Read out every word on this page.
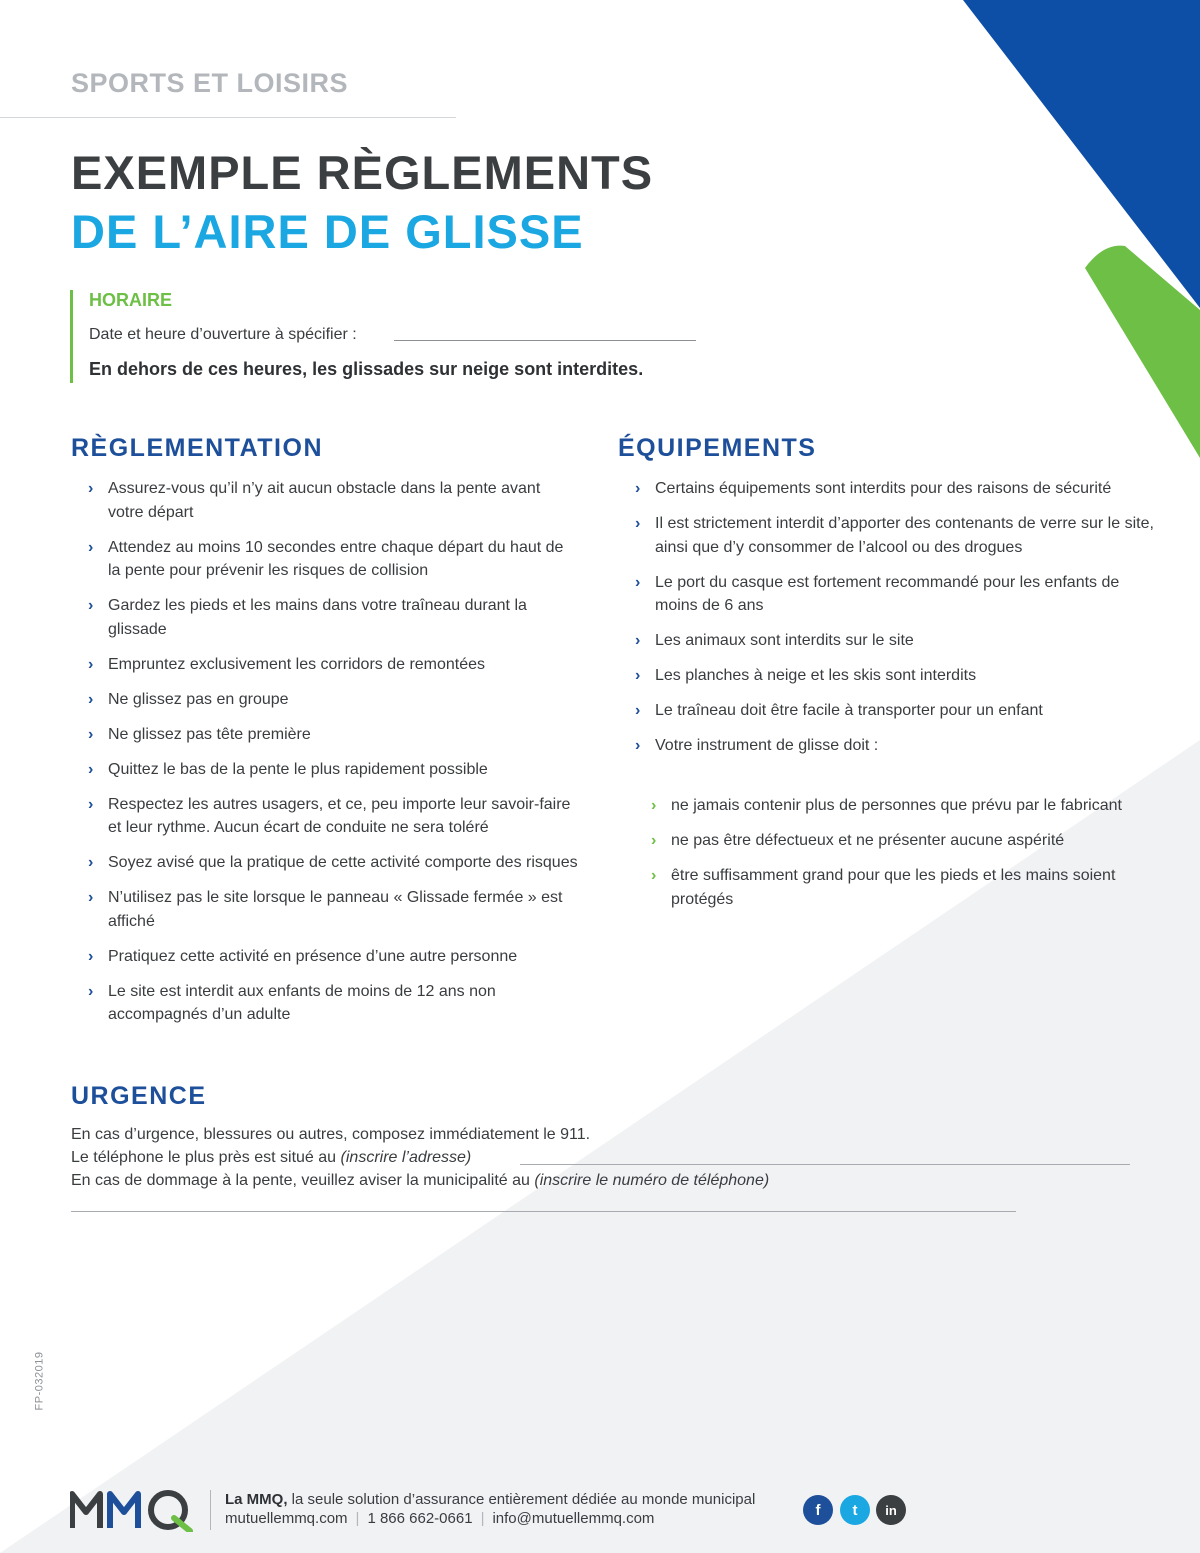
SPORTS ET LOISIRS
EXEMPLE RÈGLEMENTS
DE L’AIRE DE GLISSE
HORAIRE
Date et heure d’ouverture à spécifier :
En dehors de ces heures, les glissades sur neige sont interdites.
RÈGLEMENTATION
› Assurez-vous qu’il n’y ait aucun obstacle dans la pente avant votre départ
› Attendez au moins 10 secondes entre chaque départ du haut de la pente pour prévenir les risques de collision
› Gardez les pieds et les mains dans votre traîneau durant la glissade
› Empruntez exclusivement les corridors de remontées
› Ne glissez pas en groupe
› Ne glissez pas tête première
› Quittez le bas de la pente le plus rapidement possible
› Respectez les autres usagers, et ce, peu importe leur savoir-faire et leur rythme. Aucun écart de conduite ne sera toléré
› Soyez avisé que la pratique de cette activité comporte des risques
› N’utilisez pas le site lorsque le panneau « Glissade fermée » est affiché
› Pratiquez cette activité en présence d’une autre personne
› Le site est interdit aux enfants de moins de 12 ans non accompagnés d’un adulte
ÉQUIPEMENTS
› Certains équipements sont interdits pour des raisons de sécurité
› Il est strictement interdit d’apporter des contenants de verre sur le site, ainsi que d’y consommer de l’alcool ou des drogues
› Le port du casque est fortement recommandé pour les enfants de moins de 6 ans
› Les animaux sont interdits sur le site
› Les planches à neige et les skis sont interdits
› Le traîneau doit être facile à transporter pour un enfant
› Votre instrument de glisse doit :
› ne jamais contenir plus de personnes que prévu par le fabricant
› ne pas être défectueux et ne présenter aucune aspérité
› être suffisamment grand pour que les pieds et les mains soient protégés
URGENCE
En cas d’urgence, blessures ou autres, composez immédiatement le 911.
Le téléphone le plus près est situé au (inscrire l’adresse)
En cas de dommage à la pente, veuillez aviser la municipalité au (inscrire le numéro de téléphone)
FP-032019
La MMQ, la seule solution d’assurance entièrement dédiée au monde municipal
mutuellemmq.com | 1 866 662-0661 | info@mutuellemmq.com	f	t	in
